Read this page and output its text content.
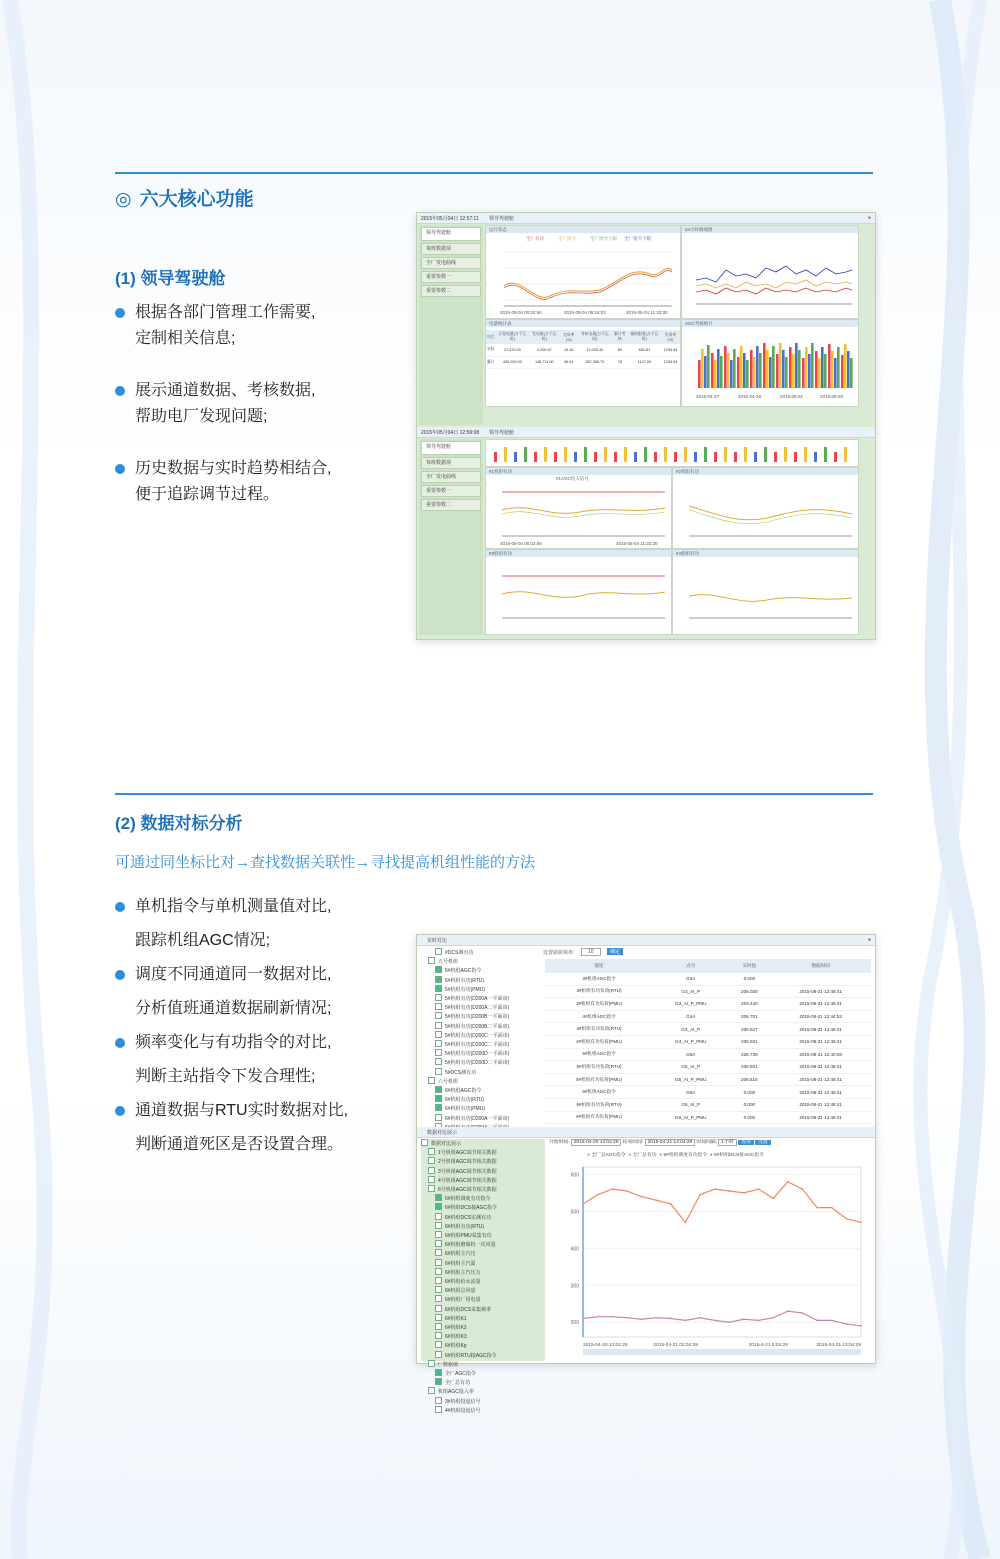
◎ 六大核心功能
(1) 领导驾驶舱
根据各部门管理工作需要,
定制相关信息;
展示通道数据、考核数据,
帮助电厂发现问题;
历史数据与实时趋势相结合,
便于追踪调节过程。
2015年05月04日 12:57:11 领导驾驶舱	●
领导驾驶舱
每班数据项
全厂发电曲线
重要参数一
重要参数二
运行状态
全厂有功	全厂指令	全厂指令上限 全厂指令下限
2015-05-04 00:02:56	2015-05-04 05:18:03	2015-05-04 11:33:30
24小时曲线图
电量统计表
项目	计划电量(万千瓦时)	发电量(万千瓦时)	完成率(%)	考核电量(万千瓦时)	累计考核	辅助服务(万千瓦时)	负荷率(%)
实际	27,670.00	4,200.67	15.18	12,025.40	80	652.81	1299.64
累计	405,000.00	148,711.00	36.61	282,358.70	78	1127.05	1299.54
AGC考核统计
2015-04-27	2015-04-29	2015-05-01	2015-05-03
2015年05月04日 12:59:08 领导驾驶舱
领导驾驶舱
每班数据项
全厂发电曲线
重要参数一
重要参数二
#1机组有功
#1AGC投入信号
2015-05-04 00:02:56	2015-05-04 11:33:30
#2机组有功
#3机组有功	#4机组有功
(2) 数据对标分析
可通过同坐标比对→查找数据关联性→寻找提高机组性能的方法
单机指令与单机测量值对比,
跟踪机组AGC情况;
调度不同通道同一数据对比,
分析值班通道数据刷新情况;
频率变化与有功指令的对比,
判断主站指令下发合理性;
通道数据与RTU实时数据对比,
判断通道死区是否设置合理。
实时对比	●
#DCS测有功
五号机组
5#机组AGC指令
5#机组有功(RTU)
5#机组有功(PMU)
5#机组有功(D200A一平面串)
5#机组有功(D200A二平面串)
5#机组有功(D200B一平面串)
5#机组有功(D200B二平面串)
5#机组有功(D200C一平面串)
5#机组有功(D200C二平面串)
5#机组有功(D200D一平面串)
5#机组有功(D200D二平面串)
5#DCS测有功
六号机组
6#机组AGC指令
6#机组有功(RTU)
6#机组有功(PMU)
6#机组有功(D200A一平面串)
设置刷新频率:	10	确定
描述	点号	实时值	数据时间
3#机组AGC指令	G3A	0.000	
3#机组有功负荷(RTU)	G3_AI_P	205.030	2015-08-21 12:48:41
3#机组有功负荷(PMU)	G3_AI_P_PMU	203.440	2015-08-21 12:48:41
4#机组AGC指令	G4A	206.701	2015-08-21 12:44:52
4#机组有功负荷(RTU)	G4_AI_P	206.627	2015-08-21 12:48:41
4#机组有功负荷(PMU)	G4_AI_P_PMU	206.501	2015-08-21 12:48:41
5#机组AGC指令	G5A	206.739	2015-08-21 12:40:28
5#机组有功负荷(RTU)	G5_AI_P	206.601	2015-08-21 12:48:41
5#机组有功负荷(PMU)	G5_AI_P_PMU	206.615	2015-08-21 12:48:41
6#机组AGC指令	G6A	0.000	2015-08-21 12:48:41
6#机组有功负荷(RTU)	G6_AI_P	0.000	2015-08-21 12:48:41
6#机组有功负荷(PMU)	G6_AI_P_PMU	0.000	2015-08-21 12:48:41
数据对比展示
数据对比展示
1号机组AGC调节相关数据
2号机组AGC调节相关数据
3号机组AGC调节相关数据
4号机组AGC调节相关数据
6号机组AGC调节相关数据
6#机组调度有功指令
6#机组DCS接AGC指令
6#机组DCS实测有功
6#机组有功(RTU)
6#机组PMU采集有功
6#机组磨煤机一次风量
6#机组主汽压
6#机组主汽温
6#机组主汽压力
6#机组给水流量
6#机组总风量
6#机组厂用电量
6#机组DCS采集频率
6#机组K1
6#机组K2
6#机组K3
6#机组Kp
6#机组RTU接AGC指令
厂数据值
全厂AGC指令
全厂总有功
机组AGC投入率
3#机组投退信号
4#机组投退信号
开始时间: 2015-04-20 13:04:29 结束时间: 2015-04-21 13:04:29 时间间隔: 1小时 查询 设置
● 全厂总AGC指令 ● 全厂总有功 ● 6#机组调度有功指令 ● 6#机组DCS接AGC指令
600
500
400
300
200
2015-04-20 13:04:29	2015-04-21 02:04:29	2015-4-21 5:04:29	2015-04-21 13:04:29
